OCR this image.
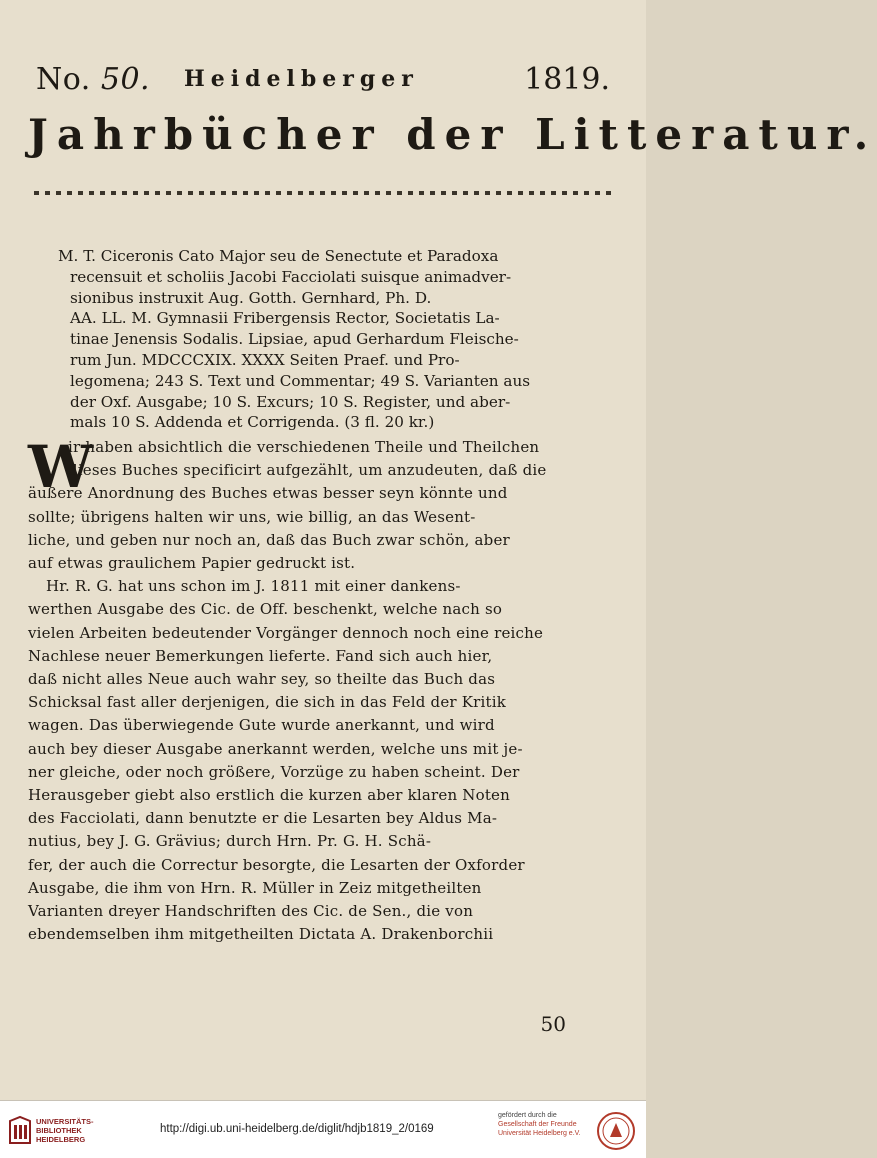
No. 50. Heidelberger	1819.
Jahrbücher der Litteratur.
M. T. Ciceronis Cato Major seu de Senectute et Paradoxa
recensuit et scholiis Jacobi Facciolati suisque animadver-
sionibus instruxit Aug. Gotth. Gernhard, Ph. D.
AA. LL. M. Gymnasii Fribergensis Rector, Societatis La-
tinae Jenensis Sodalis. Lipsiae, apud Gerhardum Fleische-
rum Jun. MDCCCXIX. XXXX Seiten Praef. und Pro-
legomena; 243 S. Text und Commentar; 49 S. Varianten aus
der Oxf. Ausgabe; 10 S. Excurs; 10 S. Register, und aber-
mals 10 S. Addenda et Corrigenda. (3 fl. 20 kr.)
W
ir haben absichtlich die verschiedenen Theile und Theilchen
dieses Buches specificirt aufgezählt, um anzudeuten, daß die
äußere Anordnung des Buches etwas besser seyn könnte und
sollte; übrigens halten wir uns, wie billig, an das Wesent-
liche, und geben nur noch an, daß das Buch zwar schön, aber
auf etwas graulichem Papier gedruckt ist.
Hr. R. G. hat uns schon im J. 1811 mit einer dankens-
werthen Ausgabe des Cic. de Off. beschenkt, welche nach so
vielen Arbeiten bedeutender Vorgänger dennoch noch eine reiche
Nachlese neuer Bemerkungen lieferte. Fand sich auch hier,
daß nicht alles Neue auch wahr sey, so theilte das Buch das
Schicksal fast aller derjenigen, die sich in das Feld der Kritik
wagen. Das überwiegende Gute wurde anerkannt, und wird
auch bey dieser Ausgabe anerkannt werden, welche uns mit je-
ner gleiche, oder noch größere, Vorzüge zu haben scheint. Der
Herausgeber giebt also erstlich die kurzen aber klaren Noten
des Facciolati, dann benutzte er die Lesarten bey Aldus Ma-
nutius, bey J. G. Grävius; durch Hrn. Pr. G. H. Schä-
fer, der auch die Correctur besorgte, die Lesarten der Oxforder
Ausgabe, die ihm von Hrn. R. Müller in Zeiz mitgetheilten
Varianten dreyer Handschriften des Cic. de Sen., die von
ebendemselben ihm mitgetheilten Dictata A. Drakenborchii
50
UNIVERSITÄTS-
BIBLIOTHEK
HEIDELBERG
http://digi.ub.uni-heidelberg.de/diglit/hdjb1819_2/0169
gefördert durch die
Gesellschaft der Freunde
Universität Heidelberg e.V.
